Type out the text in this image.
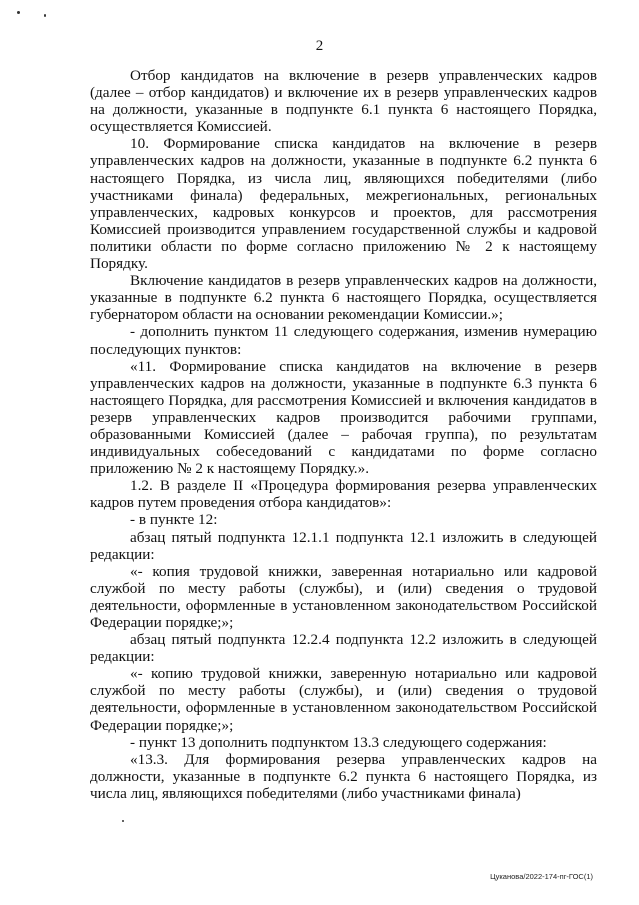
2

Отбор кандидатов на включение в резерв управленческих кадров (далее – отбор кандидатов) и включение их в резерв управленческих кадров на должности, указанные в подпункте 6.1 пункта 6 настоящего Порядка, осуществляется Комиссией.

10. Формирование списка кандидатов на включение в резерв управленческих кадров на должности, указанные в подпункте 6.2 пункта 6 настоящего Порядка, из числа лиц, являющихся победителями (либо участниками финала) федеральных, межрегиональных, региональных управленческих, кадровых конкурсов и проектов, для рассмотрения Комиссией производится управлением государственной службы и кадровой политики области по форме согласно приложению № 2 к настоящему Порядку.

Включение кандидатов в резерв управленческих кадров на должности, указанные в подпункте 6.2 пункта 6 настоящего Порядка, осуществляется губернатором области на основании рекомендации Комиссии.»;

- дополнить пунктом 11 следующего содержания, изменив нумерацию последующих пунктов:

«11. Формирование списка кандидатов на включение в резерв управленческих кадров на должности, указанные в подпункте 6.3 пункта 6 настоящего Порядка, для рассмотрения Комиссией и включения кандидатов в резерв управленческих кадров производится рабочими группами, образованными Комиссией (далее – рабочая группа), по результатам индивидуальных собеседований с кандидатами по форме согласно приложению № 2 к настоящему Порядку.».

1.2. В разделе II «Процедура формирования резерва управленческих кадров путем проведения отбора кандидатов»:

- в пункте 12:

абзац пятый подпункта 12.1.1 подпункта 12.1 изложить в следующей редакции:

«- копия трудовой книжки, заверенная нотариально или кадровой службой по месту работы (службы), и (или) сведения о трудовой деятельности, оформленные в установленном законодательством Российской Федерации порядке;»;

абзац пятый подпункта 12.2.4 подпункта 12.2 изложить в следующей редакции:

«- копию трудовой книжки, заверенную нотариально или кадровой службой по месту работы (службы), и (или) сведения о трудовой деятельности, оформленные в установленном законодательством Российской Федерации порядке;»;

- пункт 13 дополнить подпунктом 13.3 следующего содержания:

«13.3. Для формирования резерва управленческих кадров на должности, указанные в подпункте 6.2 пункта 6 настоящего Порядка, из числа лиц, являющихся победителями (либо участниками финала)

Цуканова/2022-174-пг-ГОС(1)
